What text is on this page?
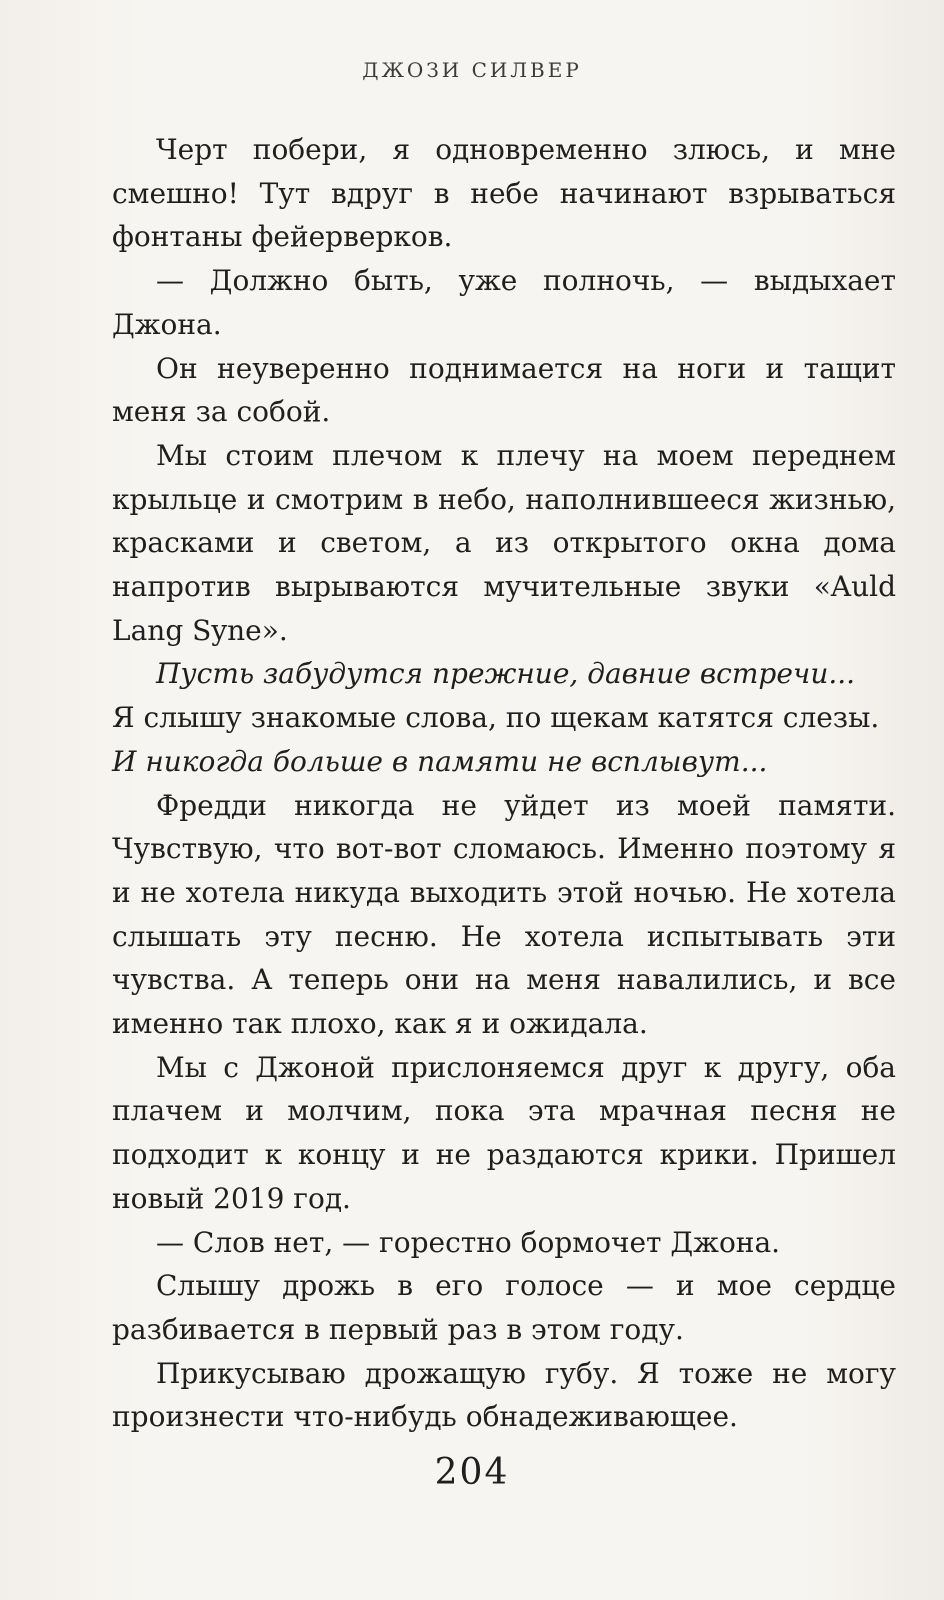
ДЖОЗИ СИЛВЕР

Черт побери, я одновременно злюсь, и мне смешно! Тут вдруг в небе начинают взрываться фонтаны фейерверков.

— Должно быть, уже полночь, — выдыхает Джона.

Он неуверенно поднимается на ноги и тащит меня за собой.

Мы стоим плечом к плечу на моем переднем крыльце и смотрим в небо, наполнившееся жизнью, красками и светом, а из открытого окна дома напротив вырываются мучительные звуки «Auld Lang Syne».

Пусть забудутся прежние, давние встречи...

Я слышу знакомые слова, по щекам катятся слезы.

И никогда больше в памяти не всплывут...

Фредди никогда не уйдет из моей памяти. Чувствую, что вот-вот сломаюсь. Именно поэтому я и не хотела никуда выходить этой ночью. Не хотела слышать эту песню. Не хотела испытывать эти чувства. А теперь они на меня навалились, и все именно так плохо, как я и ожидала.

Мы с Джоной прислоняемся друг к другу, оба плачем и молчим, пока эта мрачная песня не подходит к концу и не раздаются крики. Пришел новый 2019 год.

— Слов нет, — горестно бормочет Джона.

Слышу дрожь в его голосе — и мое сердце разбивается в первый раз в этом году.

Прикусываю дрожащую губу. Я тоже не могу произнести что-нибудь обнадеживающее.

204
